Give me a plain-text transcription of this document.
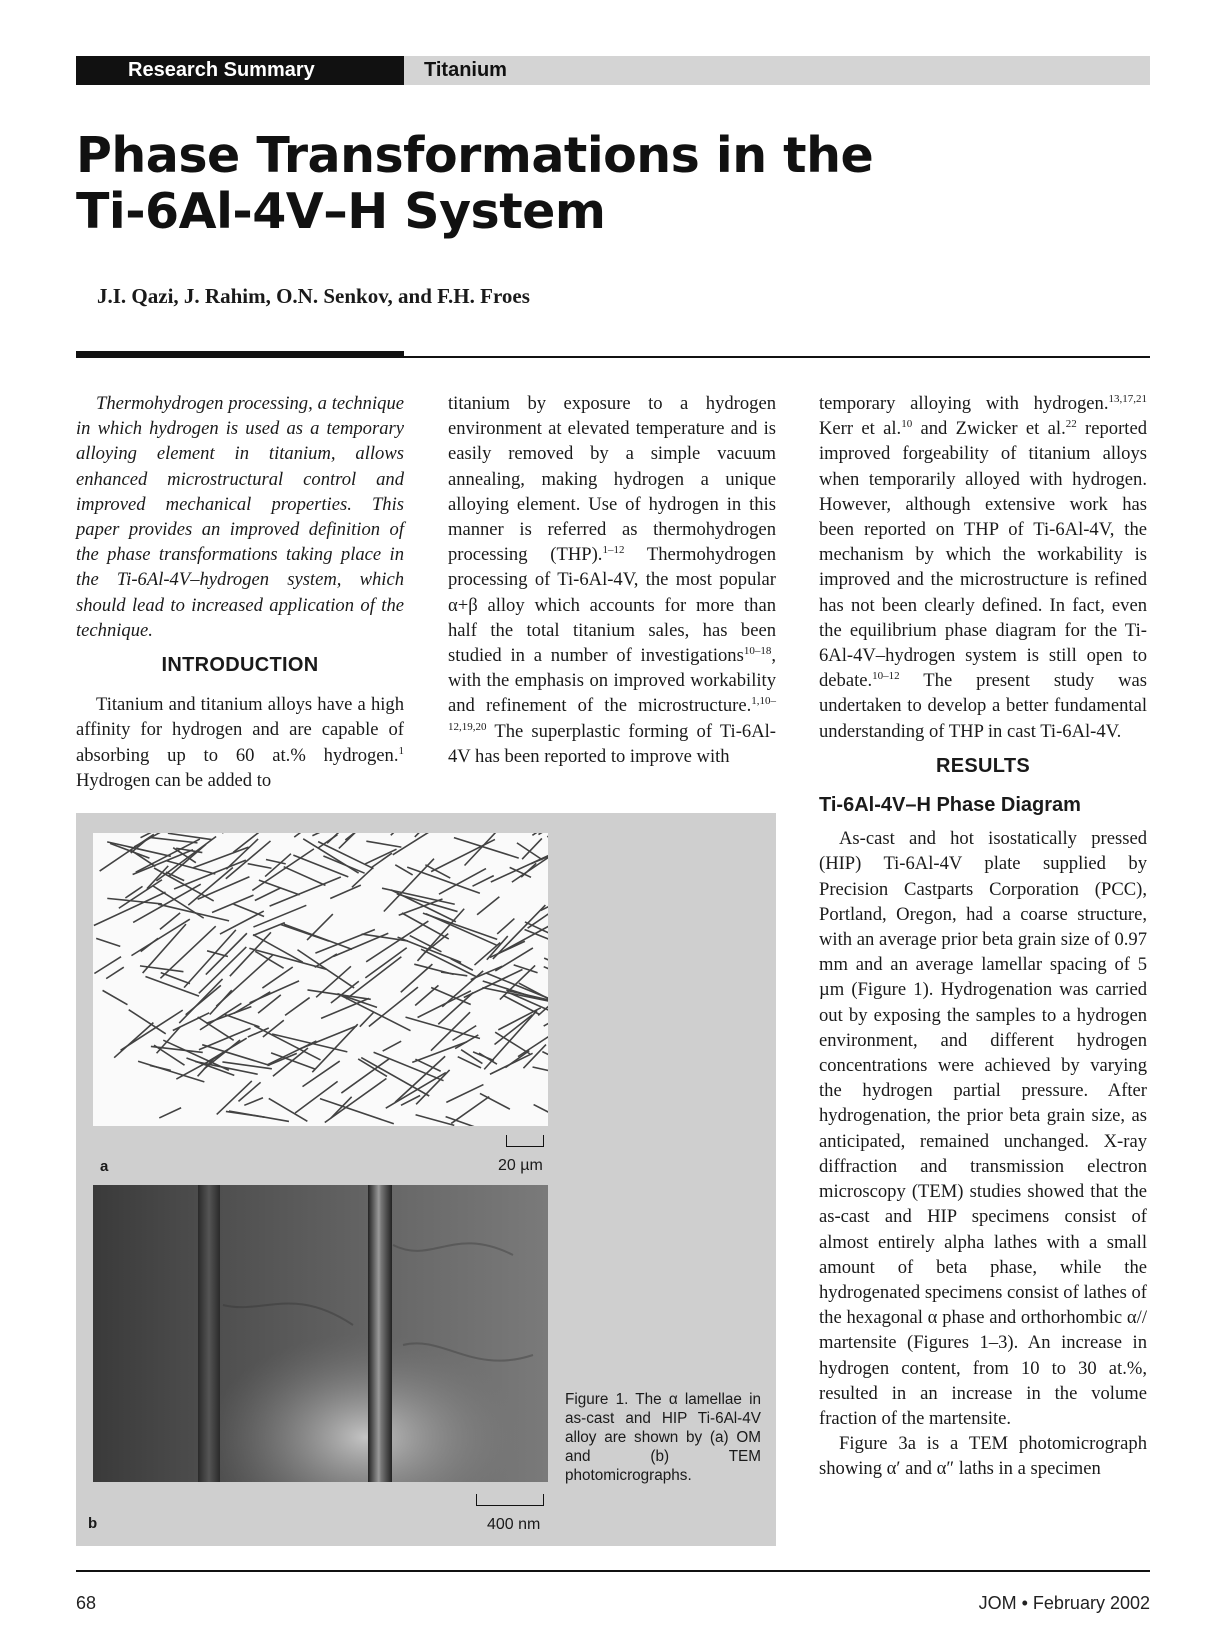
Research Summary	Titanium
Phase Transformations in the
Ti-6Al-4V–H System
J.I. Qazi, J. Rahim, O.N. Senkov, and F.H. Froes

Thermohydrogen processing, a technique in which hydrogen is used as a temporary alloying element in titanium, allows enhanced microstructural control and improved mechanical properties. This paper provides an improved definition of the phase transformations taking place in the Ti-6Al-4V–hydrogen system, which should lead to increased application of the technique.

INTRODUCTION

Titanium and titanium alloys have a high affinity for hydrogen and are capable of absorbing up to 60 at.% hydrogen.$^1$ Hydrogen can be added to

titanium by exposure to a hydrogen environment at elevated temperature and is easily removed by a simple vacuum annealing, making hydrogen a unique alloying element. Use of hydrogen in this manner is referred as thermohydrogen processing (THP).$^{1-12}$ Thermohydrogen processing of Ti-6Al-4V, the most popular α+β alloy which accounts for more than half the total titanium sales, has been studied in a number of investigations$^{10-18}$, with the emphasis on improved workability and refinement of the microstructure.$^{1,10-12,19,20}$ The superplastic forming of Ti-6Al-4V has been reported to improve with

temporary alloying with hydrogen.$^{13,17,21}$ Kerr et al.$^{10}$ and Zwicker et al.$^{22}$ reported improved forgeability of titanium alloys when temporarily alloyed with hydrogen. However, although extensive work has been reported on THP of Ti-6Al-4V, the mechanism by which the workability is improved and the microstructure is refined has not been clearly defined. In fact, even the equilibrium phase diagram for the Ti-6Al-4V–hydrogen system is still open to debate.$^{10-12}$ The present study was undertaken to develop a better fundamental understanding of THP in cast Ti-6Al-4V.

RESULTS

Ti-6Al-4V–H Phase Diagram

As-cast and hot isostatically pressed (HIP) Ti-6Al-4V plate supplied by Precision Castparts Corporation (PCC), Portland, Oregon, had a coarse structure, with an average prior beta grain size of 0.97 mm and an average lamellar spacing of 5 µm (Figure 1). Hydrogenation was carried out by exposing the samples to a hydrogen environment, and different hydrogen concentrations were achieved by varying the hydrogen partial pressure. After hydrogenation, the prior beta grain size, as anticipated, remained unchanged. X-ray diffraction and transmission electron microscopy (TEM) studies showed that the as-cast and HIP specimens consist of almost entirely alpha lathes with a small amount of beta phase, while the hydrogenated specimens consist of lathes of the hexagonal α phase and orthorhombic α// martensite (Figures 1–3). An increase in hydrogen content, from 10 to 30 at.%, resulted in an increase in the volume fraction of the martensite.

Figure 3a is a TEM photomicrograph showing α′ and α″ laths in a specimen

a	20 µm
b	400 nm
Figure 1. The α lamellae in as-cast and HIP Ti-6Al-4V alloy are shown by (a) OM and (b) TEM photomicrographs.
68	JOM • February 2002
